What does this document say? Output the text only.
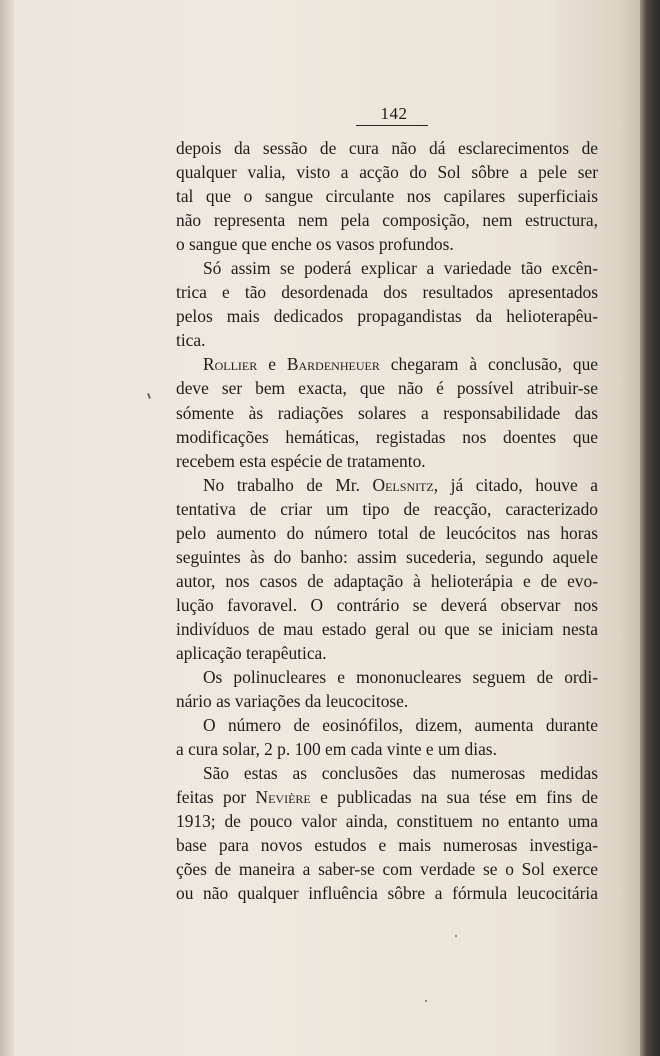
142
depois da sessão de cura não dá esclarecimentos de
qualquer valia, visto a acção do Sol sôbre a pele ser
tal que o sangue circulante nos capilares superficiais
não representa nem pela composição, nem estructura,
o sangue que enche os vasos profundos.
Só assim se poderá explicar a variedade tão excên-
trica e tão desordenada dos resultados apresentados
pelos mais dedicados propagandistas da helioterapêu-
tica.
Rollier e Bardenheuer chegaram à conclusão, que
deve ser bem exacta, que não é possível atribuir-se
sómente às radiações solares a responsabilidade das
modificações hemáticas, registadas nos doentes que
recebem esta espécie de tratamento.
No trabalho de Mr. Oelsnitz, já citado, houve a
tentativa de criar um tipo de reacção, caracterizado
pelo aumento do número total de leucócitos nas horas
seguintes às do banho: assim sucederia, segundo aquele
autor, nos casos de adaptação à helioterápia e de evo-
lução favoravel. O contrário se deverá observar nos
indivíduos de mau estado geral ou que se iniciam nesta
aplicação terapêutica.
Os polinucleares e mononucleares seguem de ordi-
nário as variações da leucocitose.
O número de eosinófilos, dizem, aumenta durante
a cura solar, 2 p. 100 em cada vinte e um dias.
São estas as conclusões das numerosas medidas
feitas por Nevière e publicadas na sua tése em fins de
1913; de pouco valor ainda, constituem no entanto uma
base para novos estudos e mais numerosas investiga-
ções de maneira a saber-se com verdade se o Sol exerce
ou não qualquer influência sôbre a fórmula leucocitária
